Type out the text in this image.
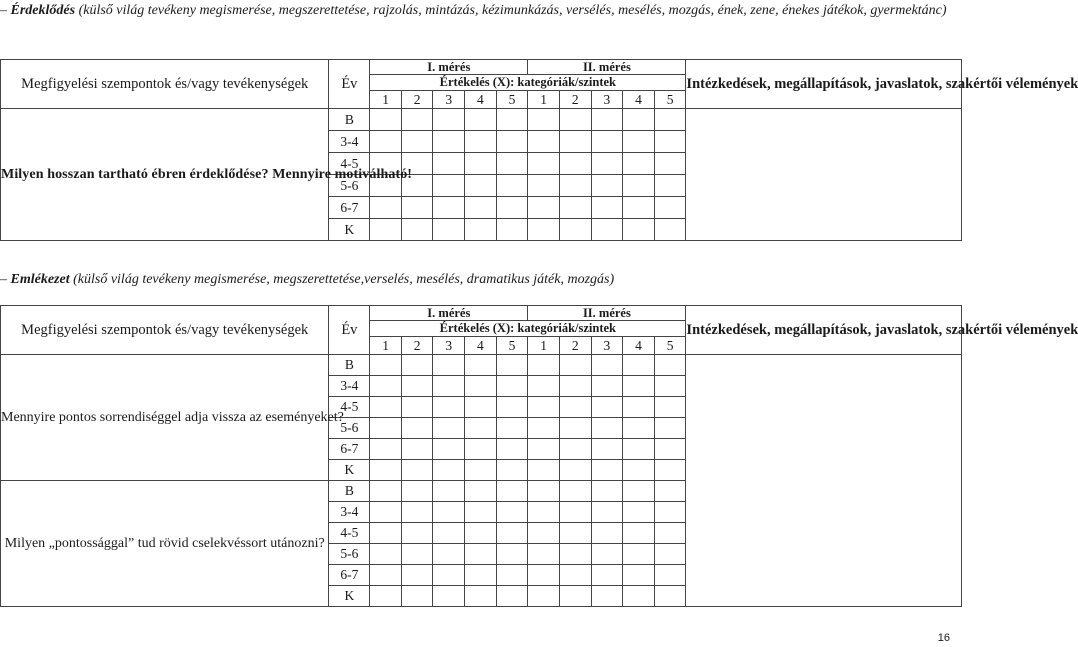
– Érdeklődés (külső világ tevékeny megismerése, megszerettetése, rajzolás, mintázás, kézimunkázás, versélés, mesélés, mozgás, ének, zene, énekes játékok, gyermektánc)
Megfigyelési szempontok és/vagy tevékenységek	Év	I. mérés					II. mérés					Intézkedések, megállapítások, javaslatok, szakértői vélemények
		Értékelés (X): kategóriák/szintek										
		1	2	3	4	5	1	2	3	4	5	
Milyen hosszan tartható ébren érdeklődése? Mennyire motiválható!	B											
	3-4											
	4-5											
	5-6											
	6-7											
	K											
– Emlékezet (külső világ tevékeny megismerése, megszerettetése,verselés, mesélés, dramatikus játék, mozgás)
Megfigyelési szempontok és/vagy tevékenységek	Év	I. mérés					II. mérés					Intézkedések, megállapítások, javaslatok, szakértői vélemények
		Értékelés (X): kategóriák/szintek										
		1	2	3	4	5	1	2	3	4	5	
Mennyire pontos sorrendiséggel adja vissza az eseményeket?	B											
	3-4											
	4-5											
	5-6											
	6-7											
	K											
Milyen „pontossággal” tud rövid cselekvéssort utánozni?	B											
	3-4											
	4-5											
	5-6											
	6-7											
	K											
16
